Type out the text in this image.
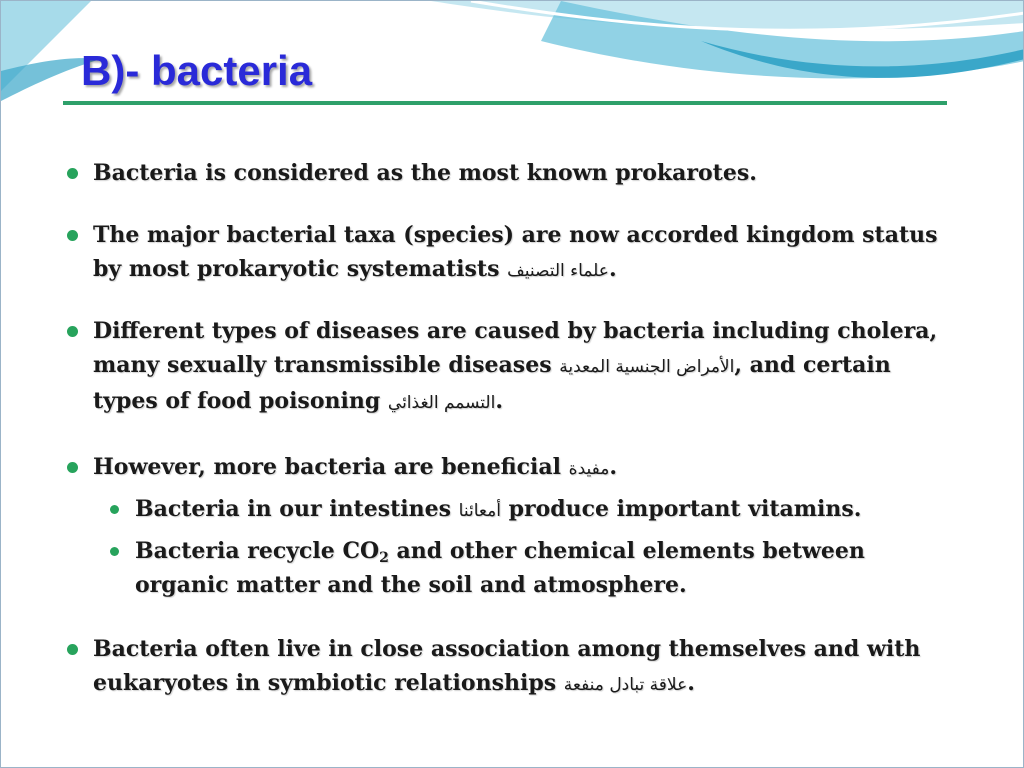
B)- bacteria

Bacteria is considered as the most known prokarotes.

The major bacterial taxa (species) are now accorded kingdom status by most prokaryotic systematists علماء التصنيف.

Different types of diseases are caused by bacteria including cholera, many sexually transmissible diseases الأمراض الجنسية المعدية, and certain types of food poisoning التسمم الغذائي.

However, more bacteria are beneficial مفيدة.

Bacteria in our intestines أمعائنا produce important vitamins.

Bacteria recycle $CO_2$ and other chemical elements between organic matter and the soil and atmosphere.

Bacteria often live in close association among themselves and with eukaryotes in symbiotic relationships علاقة تبادل منفعة.
